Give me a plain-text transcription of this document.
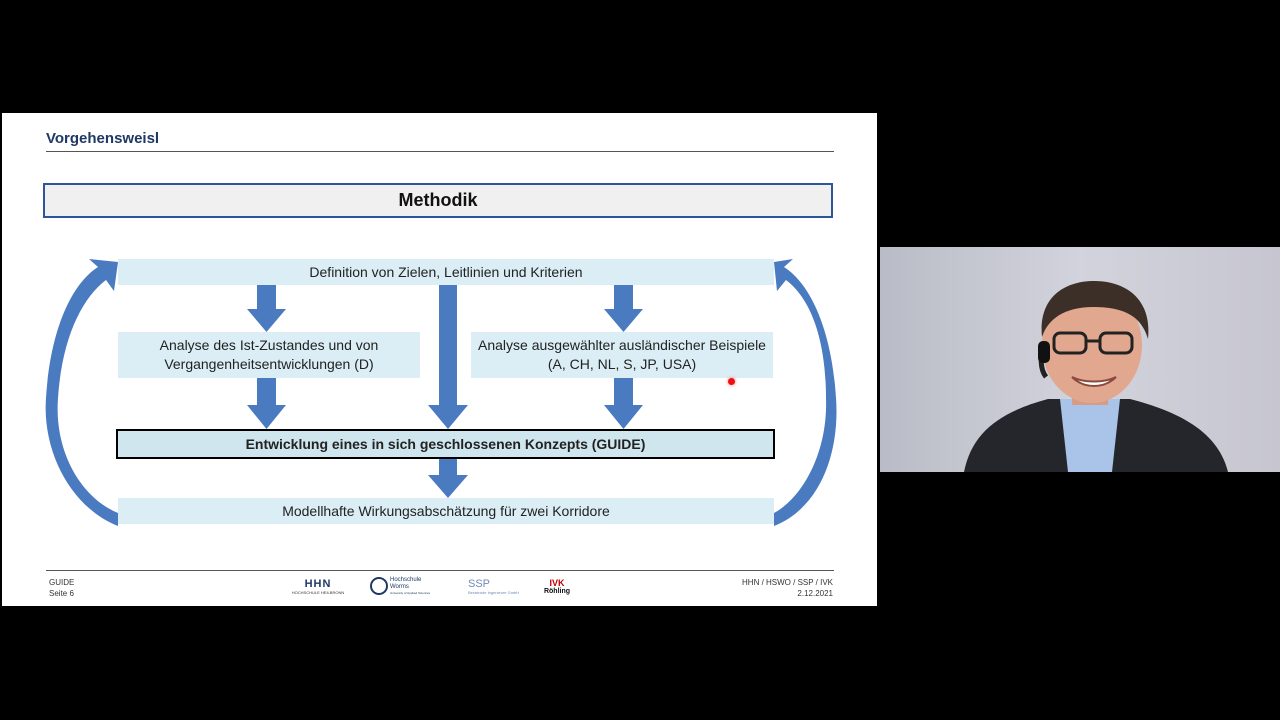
Vorgehensweisl
Methodik
Definition von Zielen, Leitlinien und Kriterien
Analyse des Ist-Zustandes und von Vergangenheitsentwicklungen (D)
Analyse ausgewählter ausländischer Beispiele (A, CH, NL, S, JP, USA)
Entwicklung eines in sich geschlossenen Konzepts (GUIDE)
Modellhafte Wirkungsabschätzung für zwei Korridore
GUIDE
Seite 6
HHN / HSWO / SSP / IVK
2.12.2021
HHN
HOCHSCHULE HEILBRONN
Hochschule
Worms
University of Applied Sciences
SSP
Beratende Ingenieure GmbH
IVK
Röhling
